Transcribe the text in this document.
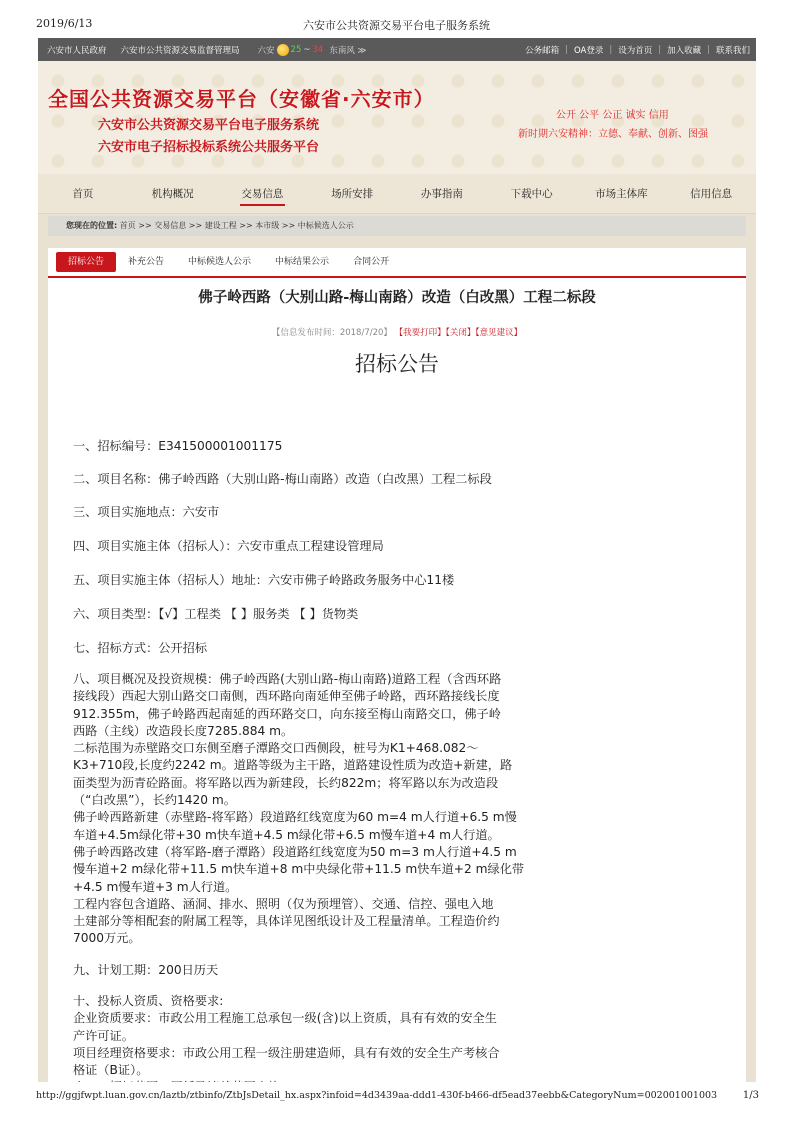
2019/6/13	六安市公共资源交易平台电子服务系统
六安市人民政府 六安市公共资源交易监督管理局 六安 25 ~ 34 东南风 ≫	公务邮箱 | OA登录 | 设为首页 | 加入收藏 | 联系我们
全国公共资源交易平台（安徽省·六安市）
六安市公共资源交易平台电子服务系统
六安市电子招标投标系统公共服务平台
公开 公平 公正 诚实 信用
新时期六安精神：立德、奉献、创新、图强
首页	机构概况	交易信息	场所安排	办事指南	下载中心	市场主体库	信用信息
您现在的位置: 首页 >> 交易信息 >> 建设工程 >> 本市级 >> 中标候选人公示
招标公告	补充公告	中标候选人公示	中标结果公示	合同公开
佛子岭西路（大别山路-梅山南路）改造（白改黑）工程二标段
【信息发布时间：2018/7/20】 【我要打印】【关闭】【意见建议】
招标公告
一、招标编号：E341500001001175
二、项目名称：佛子岭西路（大别山路-梅山南路）改造（白改黑）工程二标段
三、项目实施地点：六安市
四、项目实施主体（招标人）：六安市重点工程建设管理局
五、项目实施主体（招标人）地址：六安市佛子岭路政务服务中心11楼
六、项目类型：【√】工程类 【 】服务类 【 】货物类
七、招标方式：公开招标
八、项目概况及投资规模：佛子岭西路(大别山路-梅山南路)道路工程（含西环路
接线段）西起大别山路交口南侧，西环路向南延伸至佛子岭路，西环路接线长度
912.355m，佛子岭路西起南延的西环路交口，向东接至梅山南路交口，佛子岭
西路（主线）改造段长度7285.884 m。
二标范围为赤壁路交口东侧至磨子潭路交口西侧段，桩号为K1+468.082～
K3+710段,长度约2242 m。道路等级为主干路，道路建设性质为改造+新建，路
面类型为沥青砼路面。将军路以西为新建段，长约822m；将军路以东为改造段
（“白改黑”），长约1420 m。
佛子岭西路新建（赤壁路-将军路）段道路红线宽度为60 m=4 m人行道+6.5 m慢
车道+4.5m绿化带+30 m快车道+4.5 m绿化带+6.5 m慢车道+4 m人行道。
佛子岭西路改建（将军路-磨子潭路）段道路红线宽度为50 m=3 m人行道+4.5 m
慢车道+2 m绿化带+11.5 m快车道+8 m中央绿化带+11.5 m快车道+2 m绿化带
+4.5 m慢车道+3 m人行道。
工程内容包含道路、涵洞、排水、照明（仅为预埋管）、交通、信控、强电入地
土建部分等相配套的附属工程等，具体详见图纸设计及工程量清单。工程造价约
7000万元。
九、计划工期：200日历天
十、投标人资质、资格要求:
企业资质要求：市政公用工程施工总承包一级(含)以上资质，具有有效的安全生
产许可证。
项目经理资格要求：市政公用工程一级注册建造师，具有有效的安全生产考核合
格证（B证）。
http://ggjfwpt.luan.gov.cn/laztb/ztbinfo/ZtbJsDetail_hx.aspx?infoid=4d3439aa-ddd1-430f-b466-df5ead37eebb&CategoryNum=002001001003	1/3
